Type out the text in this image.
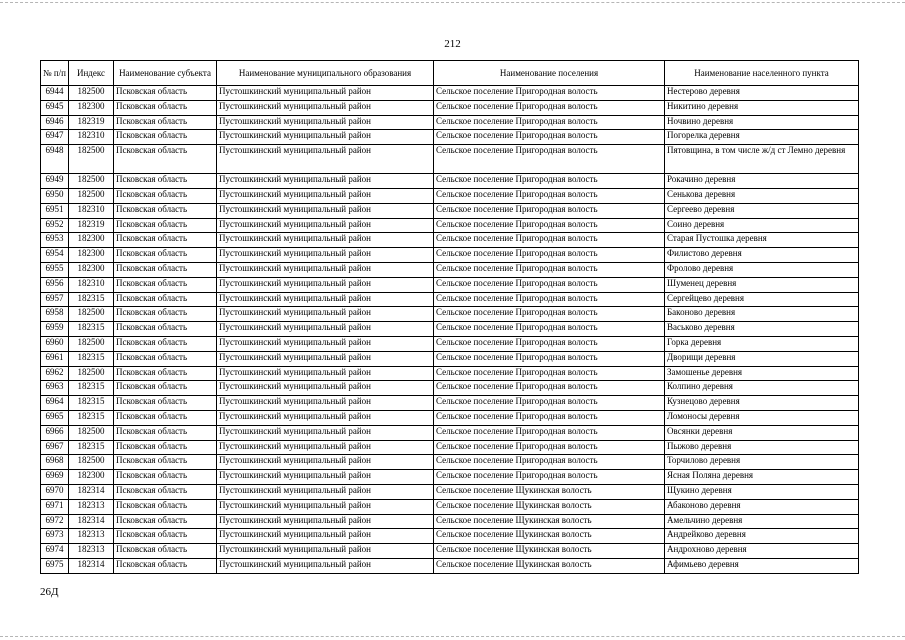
212
№ п/п	Индекс	Наименование субъекта	Наименование муниципального образования	Наименование поселения	Наименование населенного пункта
6944	182500	Псковская область	Пустошкинский муниципальный район	Сельское поселение Пригородная волость	Нестерово деревня
6945	182300	Псковская область	Пустошкинский муниципальный район	Сельское поселение Пригородная волость	Никитино деревня
6946	182319	Псковская область	Пустошкинский муниципальный район	Сельское поселение Пригородная волость	Ночвино деревня
6947	182310	Псковская область	Пустошкинский муниципальный район	Сельское поселение Пригородная волость	Погорелка деревня
6948	182500	Псковская область	Пустошкинский муниципальный район	Сельское поселение Пригородная волость	Пятовщина, в том числе ж/д ст Лемно деревня
6949	182500	Псковская область	Пустошкинский муниципальный район	Сельское поселение Пригородная волость	Рокачино деревня
6950	182500	Псковская область	Пустошкинский муниципальный район	Сельское поселение Пригородная волость	Сенькова деревня
6951	182310	Псковская область	Пустошкинский муниципальный район	Сельское поселение Пригородная волость	Сергеево деревня
6952	182319	Псковская область	Пустошкинский муниципальный район	Сельское поселение Пригородная волость	Соино деревня
6953	182300	Псковская область	Пустошкинский муниципальный район	Сельское поселение Пригородная волость	Старая Пустошка деревня
6954	182300	Псковская область	Пустошкинский муниципальный район	Сельское поселение Пригородная волость	Филистово деревня
6955	182300	Псковская область	Пустошкинский муниципальный район	Сельское поселение Пригородная волость	Фролово деревня
6956	182310	Псковская область	Пустошкинский муниципальный район	Сельское поселение Пригородная волость	Шуменец деревня
6957	182315	Псковская область	Пустошкинский муниципальный район	Сельское поселение Пригородная волость	Сергейцево деревня
6958	182500	Псковская область	Пустошкинский муниципальный район	Сельское поселение Пригородная волость	Баконово деревня
6959	182315	Псковская область	Пустошкинский муниципальный район	Сельское поселение Пригородная волость	Васьково деревня
6960	182500	Псковская область	Пустошкинский муниципальный район	Сельское поселение Пригородная волость	Горка деревня
6961	182315	Псковская область	Пустошкинский муниципальный район	Сельское поселение Пригородная волость	Дворищи деревня
6962	182500	Псковская область	Пустошкинский муниципальный район	Сельское поселение Пригородная волость	Замошенье деревня
6963	182315	Псковская область	Пустошкинский муниципальный район	Сельское поселение Пригородная волость	Колпино деревня
6964	182315	Псковская область	Пустошкинский муниципальный район	Сельское поселение Пригородная волость	Кузнецово деревня
6965	182315	Псковская область	Пустошкинский муниципальный район	Сельское поселение Пригородная волость	Ломоносы деревня
6966	182500	Псковская область	Пустошкинский муниципальный район	Сельское поселение Пригородная волость	Овсянки деревня
6967	182315	Псковская область	Пустошкинский муниципальный район	Сельское поселение Пригородная волость	Пыжово деревня
6968	182500	Псковская область	Пустошкинский муниципальный район	Сельское поселение Пригородная волость	Торчилово деревня
6969	182300	Псковская область	Пустошкинский муниципальный район	Сельское поселение Пригородная волость	Ясная Поляна деревня
6970	182314	Псковская область	Пустошкинский муниципальный район	Сельское поселение Щукинская волость	Щукино деревня
6971	182313	Псковская область	Пустошкинский муниципальный район	Сельское поселение Щукинская волость	Абаконово деревня
6972	182314	Псковская область	Пустошкинский муниципальный район	Сельское поселение Щукинская волость	Амельчино деревня
6973	182313	Псковская область	Пустошкинский муниципальный район	Сельское поселение Щукинская волость	Андрейково деревня
6974	182313	Псковская область	Пустошкинский муниципальный район	Сельское поселение Щукинская волость	Андрохново деревня
6975	182314	Псковская область	Пустошкинский муниципальный район	Сельское поселение Щукинская волость	Афимьево деревня
26Д
